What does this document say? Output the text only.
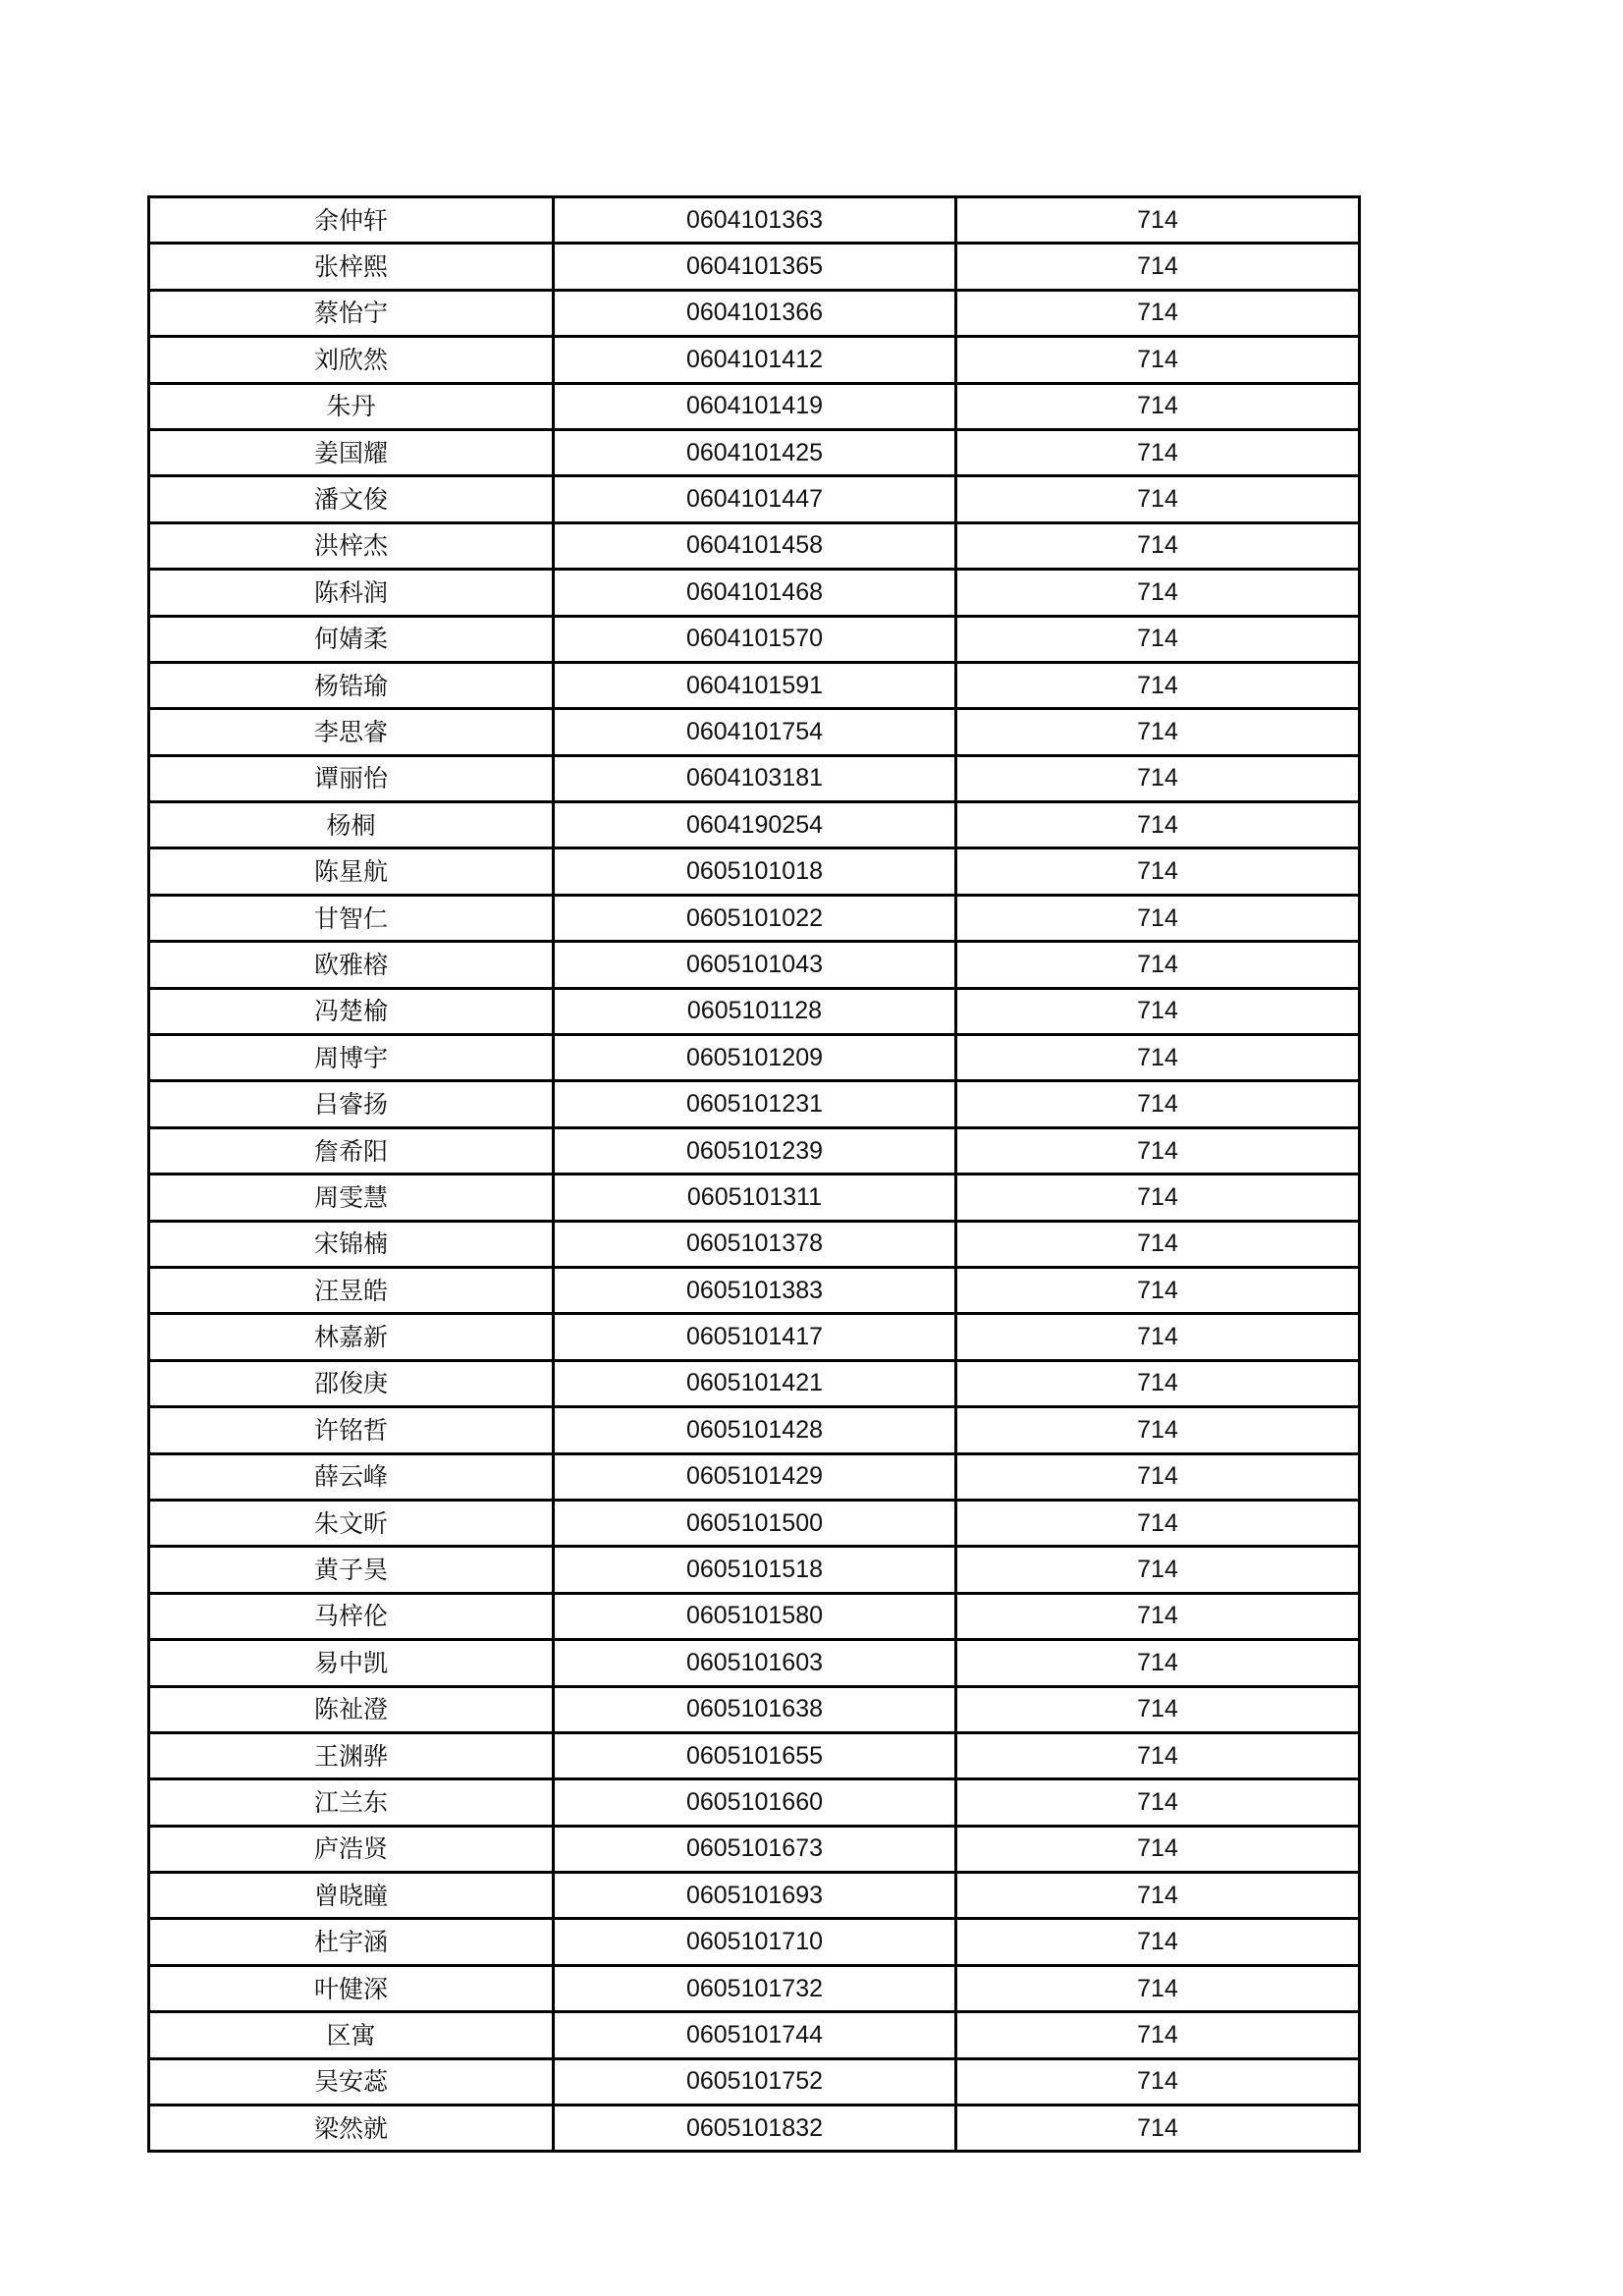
余仲轩	0604101363	714
张梓熙	0604101365	714
蔡怡宁	0604101366	714
刘欣然	0604101412	714
朱丹	0604101419	714
姜国耀	0604101425	714
潘文俊	0604101447	714
洪梓杰	0604101458	714
陈科润	0604101468	714
何婧柔	0604101570	714
杨锆瑜	0604101591	714
李思睿	0604101754	714
谭丽怡	0604103181	714
杨桐	0604190254	714
陈星航	0605101018	714
甘智仁	0605101022	714
欧雅榕	0605101043	714
冯楚榆	0605101128	714
周博宇	0605101209	714
吕睿扬	0605101231	714
詹希阳	0605101239	714
周雯慧	0605101311	714
宋锦楠	0605101378	714
汪昱皓	0605101383	714
林嘉新	0605101417	714
邵俊庚	0605101421	714
许铭哲	0605101428	714
薛云峰	0605101429	714
朱文昕	0605101500	714
黄子昊	0605101518	714
马梓伦	0605101580	714
易中凯	0605101603	714
陈祉澄	0605101638	714
王渊骅	0605101655	714
江兰东	0605101660	714
庐浩贤	0605101673	714
曾晓瞳	0605101693	714
杜宇涵	0605101710	714
叶健深	0605101732	714
区寓	0605101744	714
吴安蕊	0605101752	714
梁然就	0605101832	714
